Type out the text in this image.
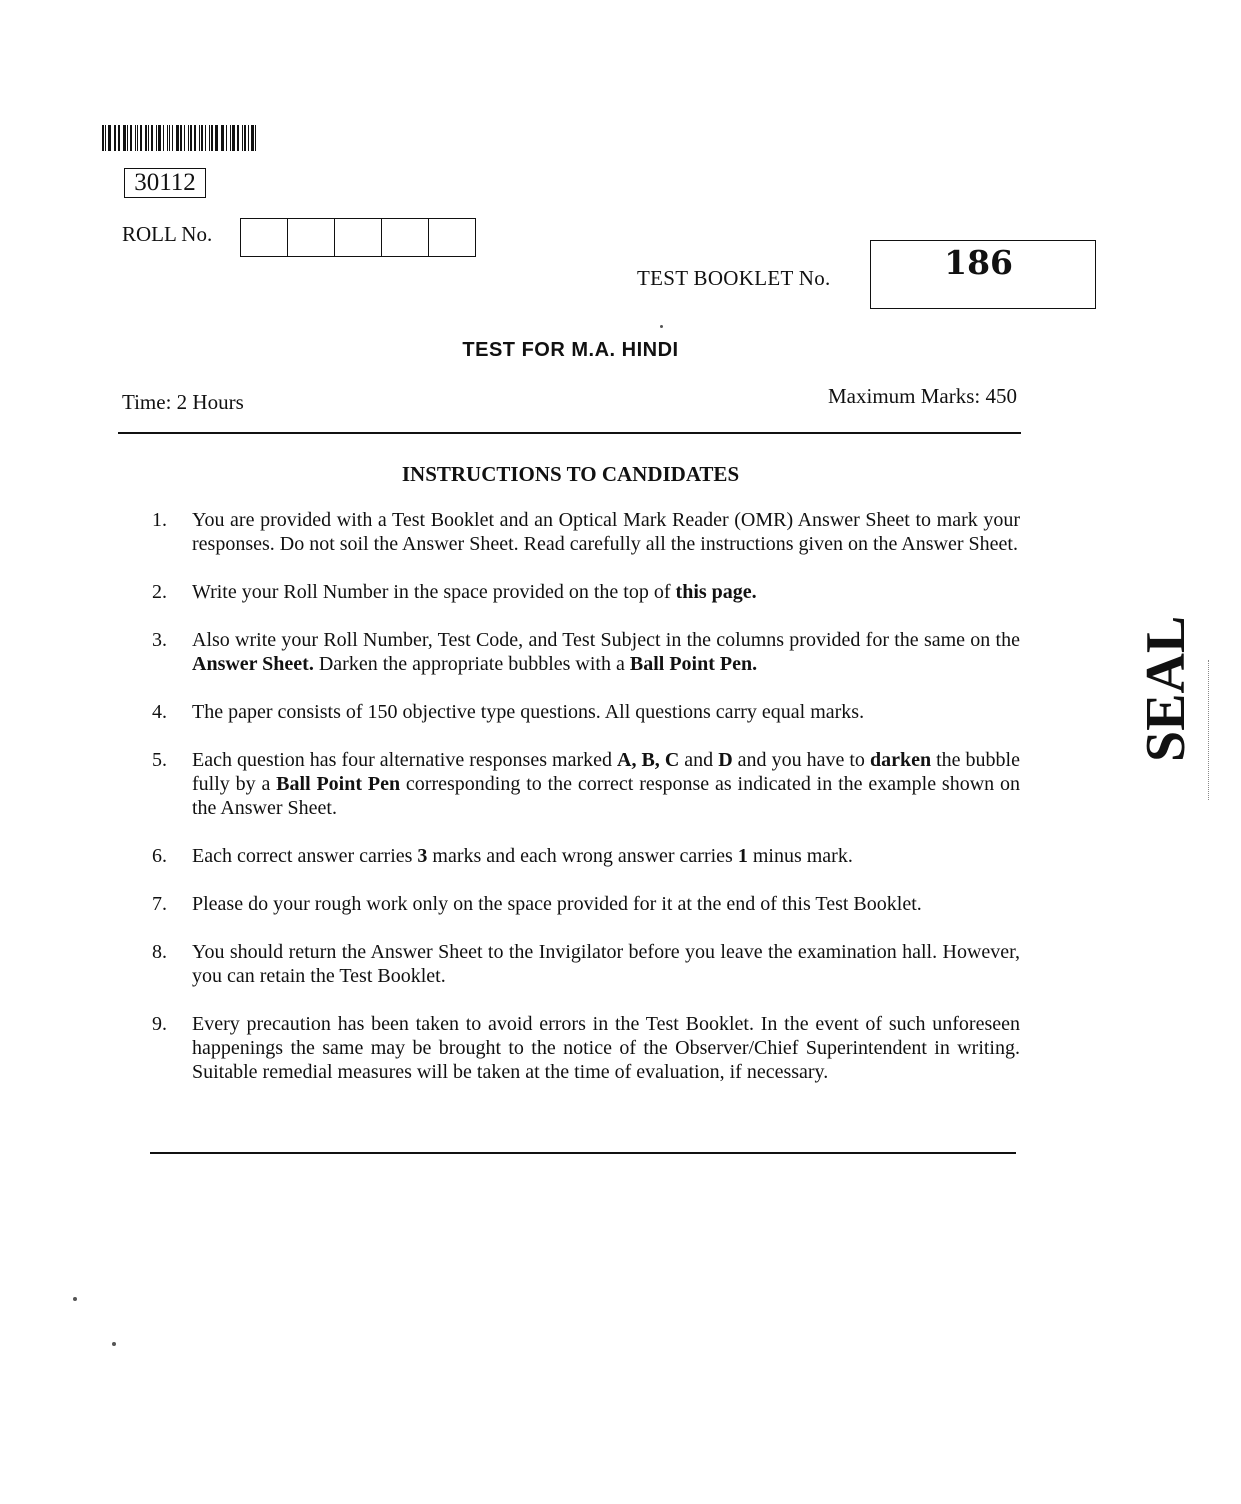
30112
ROLL No.
TEST BOOKLET No.	186
TEST FOR M.A. HINDI
Time: 2 Hours	Maximum Marks: 450
INSTRUCTIONS TO CANDIDATES
1.	You are provided with a Test Booklet and an Optical Mark Reader (OMR) Answer Sheet to mark your responses. Do not soil the Answer Sheet. Read carefully all the instructions given on the Answer Sheet.
2.	Write your Roll Number in the space provided on the top of this page.
3.	Also write your Roll Number, Test Code, and Test Subject in the columns provided for the same on the Answer Sheet. Darken the appropriate bubbles with a Ball Point Pen.
4.	The paper consists of 150 objective type questions. All questions carry equal marks.
5.	Each question has four alternative responses marked A, B, C and D and you have to darken the bubble fully by a Ball Point Pen corresponding to the correct response as indicated in the example shown on the Answer Sheet.
6.	Each correct answer carries 3 marks and each wrong answer carries 1 minus mark.
7.	Please do your rough work only on the space provided for it at the end of this Test Booklet.
8.	You should return the Answer Sheet to the Invigilator before you leave the examination hall. However, you can retain the Test Booklet.
9.	Every precaution has been taken to avoid errors in the Test Booklet. In the event of such unforeseen happenings the same may be brought to the notice of the Observer/Chief Superintendent in writing. Suitable remedial measures will be taken at the time of evaluation, if necessary.
SEAL
